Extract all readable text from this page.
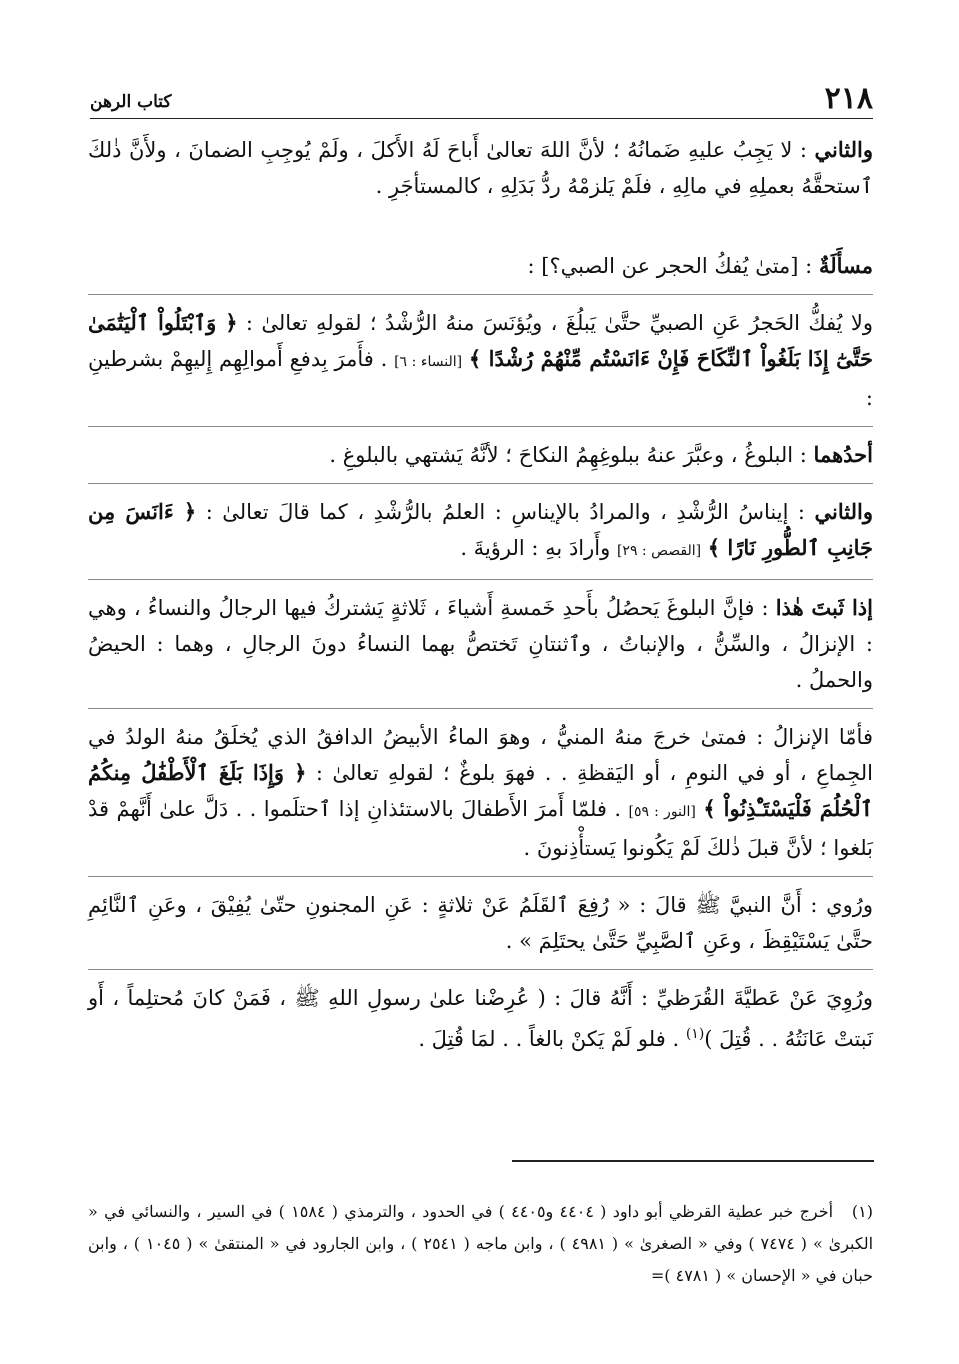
٢١٨
كتاب الرهن

والثاني : لا يَجِبُ عليهِ ضَمانُهُ ؛ لأنَّ اللهَ تعالىٰ أَباحَ لَهُ الأَكلَ ، ولَمْ يُوجِبِ الضمانَ ، ولأَنَّ ذٰلكَ ٱستحقَّهُ بعملِهِ في مالِهِ ، فلَمْ يَلزمْهُ ردُّ بَدَلِهِ ، كالمستأجَرِ .

مسأَلَةٌ : [متىٰ يُفكُ الحجر عن الصبي؟] :

ولا يُفكُّ الحَجرُ عَنِ الصبيِّ حتَّىٰ يَبلُغَ ، ويُؤنَسَ منهُ الرُّشْدُ ؛ لقولهِ تعالىٰ : ﴿ وَٱبْتَلُواْ ٱلْيَتَٰمَىٰ حَتَّىٰٓ إِذَا بَلَغُواْ ٱلنِّكَاحَ فَإِنْ ءَانَسْتُم مِّنْهُمْ رُشْدًا ﴾ [النساء : ٦] . فأَمرَ بِدفعِ أَموالِهِم إِليهِمْ بشرطينِ :

أحدُهما : البلوغُ ، وعبَّرَ عنهُ ببلوغِهِمُ النكاحَ ؛ لأنَّهُ يَشتهي بالبلوغِ .

والثاني : إيناسُ الرُّشْدِ ، والمرادُ بالإيناسِ : العلمُ بالرُّشْدِ ، كما قالَ تعالىٰ : ﴿ ءَانَسَ مِن جَانِبِ ٱلطُّورِ نَارًا ﴾ [القصص : ٢٩] وأَرادَ بهِ : الرؤيةَ .

إذا ثَبتَ هٰذا : فإنَّ البلوغَ يَحصُلُ بأَحدِ خَمسةِ أَشياءَ ، ثَلاثةٍ يَشتركُ فيها الرجالُ والنساءُ ، وهي : الإنزالُ ، والسِّنُّ ، والإنباتُ ، وٱثنتانِ تَختصُّ بهما النساءُ دونَ الرجالِ ، وهما : الحيضُ والحملُ .

فأمّا الإنزالُ : فمتىٰ خرجَ منهُ المنيُّ ، وهوَ الماءُ الأبيضُ الدافقُ الذي يُخلَقُ منهُ الولدُ في الجِماعِ ، أو في النومِ ، أو اليَقظةِ . . فهوَ بلوغٌ ؛ لقولهِ تعالىٰ : ﴿ وَإِذَا بَلَغَ ٱلْأَطْفَٰلُ مِنكُمُ ٱلْحُلُمَ فَلْيَسْتَـْٔذِنُواْ ﴾ [النور : ٥٩] . فلمّا أَمرَ الأَطفالَ بالاستئذانِ إذا ٱحتلَموا . . دَلَّ علىٰ أَنَّهمْ قدْ بَلغوا ؛ لأنَّ قبلَ ذٰلكَ لَمْ يَكُونوا يَستأْذِنونَ .

ورُوي : أَنَّ النبيَّ ﷺ قالَ : « رُفِعَ ٱلقَلَمُ عَنْ ثلاثةٍ : عَنِ المجنونِ حتّىٰ يُفِيْقَ ، وعَنِ ٱلنَّائِمِ حتَّىٰ يَسْتَيْقِظَ ، وعَنِ ٱلصَّبِيِّ حَتَّىٰ يحتَلِمَ » .

ورُوِيَ عَنْ عَطيَّةَ القُرَظيِّ : أَنَّهُ قالَ : ( عُرِضْنا علىٰ رسولِ اللهِ ﷺ ، فَمَنْ كانَ مُحتلِماً ، أَو نَبتتْ عَانَتُهُ . . قُتِلَ )$^{(١)}$ . فلو لَمْ يَكنْ بالغاً . . لمَا قُتِلَ .

(١)   أخرج خبر عطية القرظي أبو داود ( ٤٤٠٤ و٤٤٠٥ ) في الحدود ، والترمذي ( ١٥٨٤ ) في السير ، والنسائي في « الكبرىٰ » ( ٧٤٧٤ ) وفي « الصغرىٰ » ( ٤٩٨١ ) ، وابن ماجه ( ٢٥٤١ ) ، وابن الجارود في « المنتقىٰ » ( ١٠٤٥ ) ، وابن حبان في « الإحسان » ( ٤٧٨١ )=
